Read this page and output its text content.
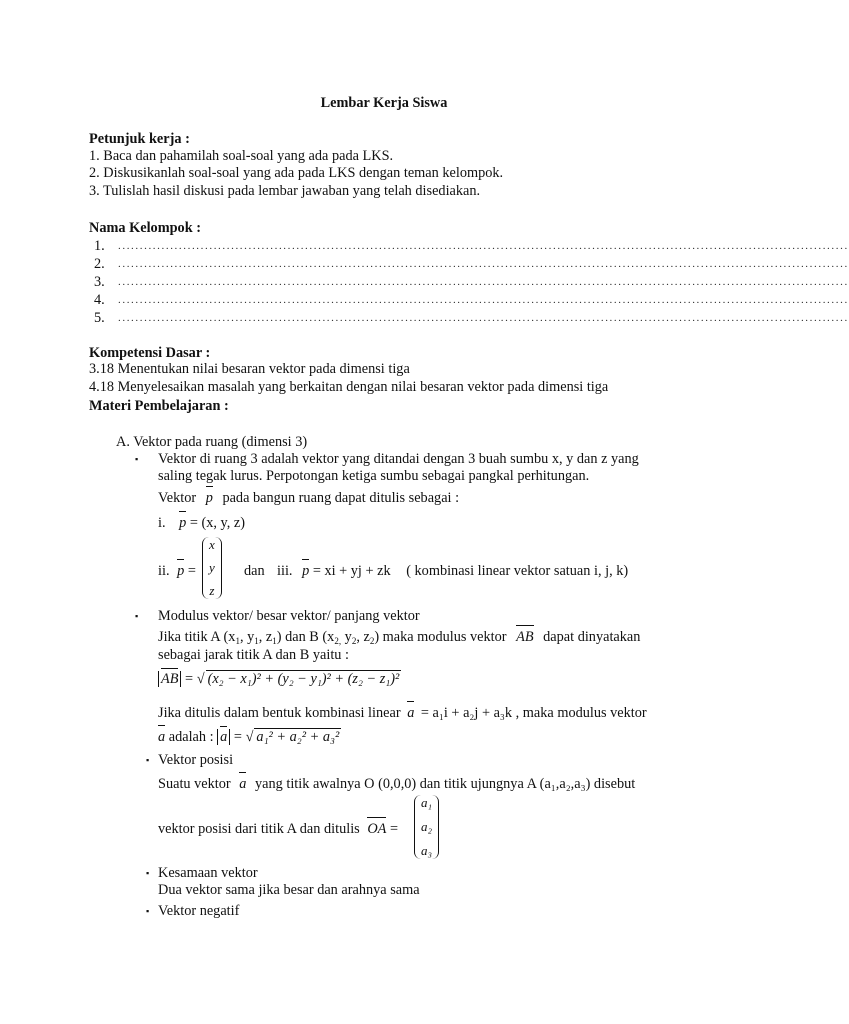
Lembar Kerja Siswa
Petunjuk kerja :
1. Baca dan pahamilah soal-soal yang ada pada LKS.
2. Diskusikanlah soal-soal yang ada pada LKS dengan teman kelompok.
3. Tulislah hasil diskusi pada lembar jawaban yang telah disediakan.
Nama Kelompok :
1. ........................................................................................................................................................................
2. ........................................................................................................................................................................
3. ........................................................................................................................................................................
4. ........................................................................................................................................................................
5. ........................................................................................................................................................................
Kompetensi Dasar :
3.18 Menentukan nilai besaran vektor pada dimensi tiga
4.18 Menyelesaikan masalah yang berkaitan dengan nilai besaran vektor pada dimensi tiga
Materi Pembelajaran :
A. Vektor pada ruang (dimensi 3)
▪ Vektor di ruang 3 adalah vektor yang ditandai dengan 3 buah sumbu x, y dan z yang
saling tegak lurus. Perpotongan ketiga sumbu sebagai pangkal perhitungan.
Vektor p pada bangun ruang dapat ditulis sebagai :
i. p = (x, y, z)
ii. p =
x
y
z
dan iii. p = xi + yj + zk ( kombinasi linear vektor satuan i, j, k)
▪ Modulus vektor/ besar vektor/ panjang vektor
Jika titik A ($x_1$, $y_1$, $z_1$) dan B ($x_{2,}$ $y_2$, $z_2$) maka modulus vektor AB dapat dinyatakan
sebagai jarak titik A dan B yaitu :
AB = √ (x₂ − x₁)² + (y₂ − y₁)² + (z₂ − z₁)²
Jika ditulis dalam bentuk kombinasi linear a = a₁i + a₂j + a₃k , maka modulus vektor
a adalah : a = √ a₁² + a₂² + a₃²
▪ Vektor posisi
Suatu vektor a yang titik awalnya O (0,0,0) dan titik ujungnya A (a₁,a₂,a₃) disebut
vektor posisi dari titik A dan ditulis OA =
a₁
a₂
a₃
▪ Kesamaan vektor
Dua vektor sama jika besar dan arahnya sama
▪ Vektor negatif
